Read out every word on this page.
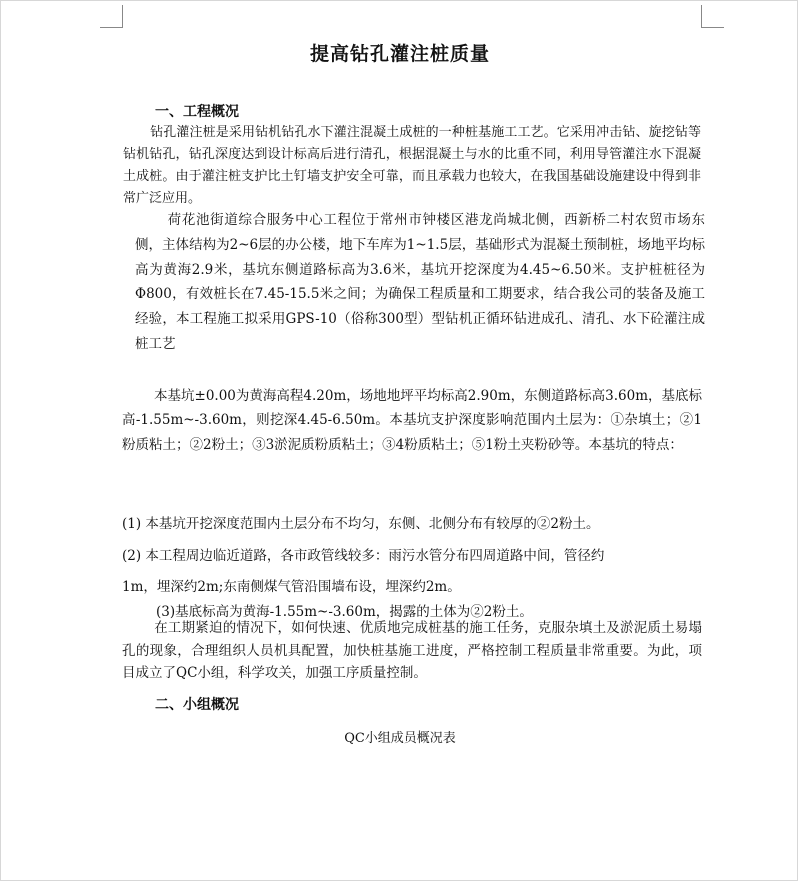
提高钻孔灌注桩质量
一、工程概况

钻孔灌注桩是采用钻机钻孔水下灌注混凝土成桩的一种桩基施工工艺。它采用冲击钻、旋挖钻等钻机钻孔，钻孔深度达到设计标高后进行清孔，根据混凝土与水的比重不同，利用导管灌注水下混凝土成桩。由于灌注桩支护比土钉墙支护安全可靠，而且承载力也较大，在我国基础设施建设中得到非常广泛应用。

荷花池街道综合服务中心工程位于常州市钟楼区港龙尚城北侧，西新桥二村农贸市场东侧，主体结构为2~6层的办公楼，地下车库为1~1.5层，基础形式为混凝土预制桩，场地平均标高为黄海2.9米，基坑东侧道路标高为3.6米，基坑开挖深度为4.45~6.50米。支护桩桩径为Φ800，有效桩长在7.45-15.5米之间；为确保工程质量和工期要求，结合我公司的装备及施工经验，本工程施工拟采用GPS-10（俗称300型）型钻机正循环钻进成孔、清孔、水下砼灌注成桩工艺

本基坑±0.00为黄海高程4.20m，场地地坪平均标高2.90m，东侧道路标高3.60m，基底标高-1.55m~-3.60m，则挖深4.45-6.50m。本基坑支护深度影响范围内土层为：①杂填土；②1粉质粘土；②2粉土；③3淤泥质粉质粘土；③4粉质粘土；⑤1粉土夹粉砂等。本基坑的特点：

(1) 本基坑开挖深度范围内土层分布不均匀，东侧、北侧分布有较厚的②2粉土。
(2) 本工程周边临近道路，各市政管线较多：雨污水管分布四周道路中间，管径约
1m，埋深约2m;东南侧煤气管沿围墙布设，埋深约2m。
(3)基底标高为黄海-1.55m~-3.60m，揭露的土体为②2粉土。

在工期紧迫的情况下，如何快速、优质地完成桩基的施工任务，克服杂填土及淤泥质土易塌孔的现象，合理组织人员机具配置，加快桩基施工进度，严格控制工程质量非常重要。为此，项目成立了QC小组，科学攻关，加强工序质量控制。

二、小组概况
QC小组成员概况表
